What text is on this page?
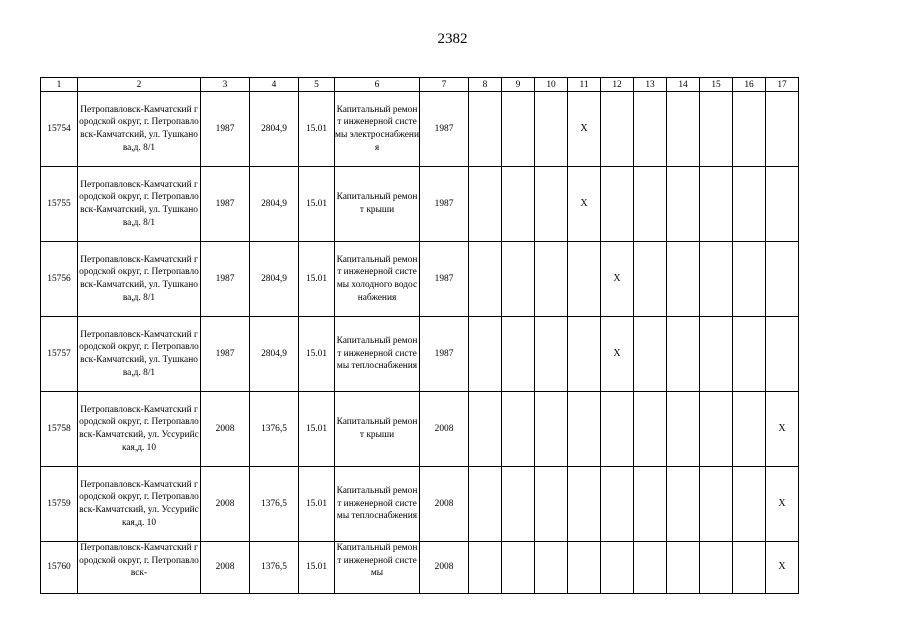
2382
1	2	3	4	5	6	7	8	9	10	11	12	13	14	15	16	17
15754	Петропавловск-Камчатский городской округ, г. Петропавловск-Камчатский, ул. Тушканова,д. 8/1	1987	2804,9	15.01	Капитальный ремонт инженерной системы электроснабжения	1987				X						
15755	Петропавловск-Камчатский городской округ, г. Петропавловск-Камчатский, ул. Тушканова,д. 8/1	1987	2804,9	15.01	Капитальный ремонт крыши	1987				X						
15756	Петропавловск-Камчатский городской округ, г. Петропавловск-Камчатский, ул. Тушканова,д. 8/1	1987	2804,9	15.01	Капитальный ремонт инженерной системы холодного водоснабжения	1987					X					
15757	Петропавловск-Камчатский городской округ, г. Петропавловск-Камчатский, ул. Тушканова,д. 8/1	1987	2804,9	15.01	Капитальный ремонт инженерной системы теплоснабжения	1987					X					
15758	Петропавловск-Камчатский городской округ, г. Петропавловск-Камчатский, ул. Уссурийская,д. 10	2008	1376,5	15.01	Капитальный ремонт крыши	2008										X
15759	Петропавловск-Камчатский городской округ, г. Петропавловск-Камчатский, ул. Уссурийская,д. 10	2008	1376,5	15.01	Капитальный ремонт инженерной системы теплоснабжения	2008										X
15760	Петропавловск-Камчатский городской округ, г. Петропавловск-	2008	1376,5	15.01	Капитальный ремонт инженерной системы	2008										X
